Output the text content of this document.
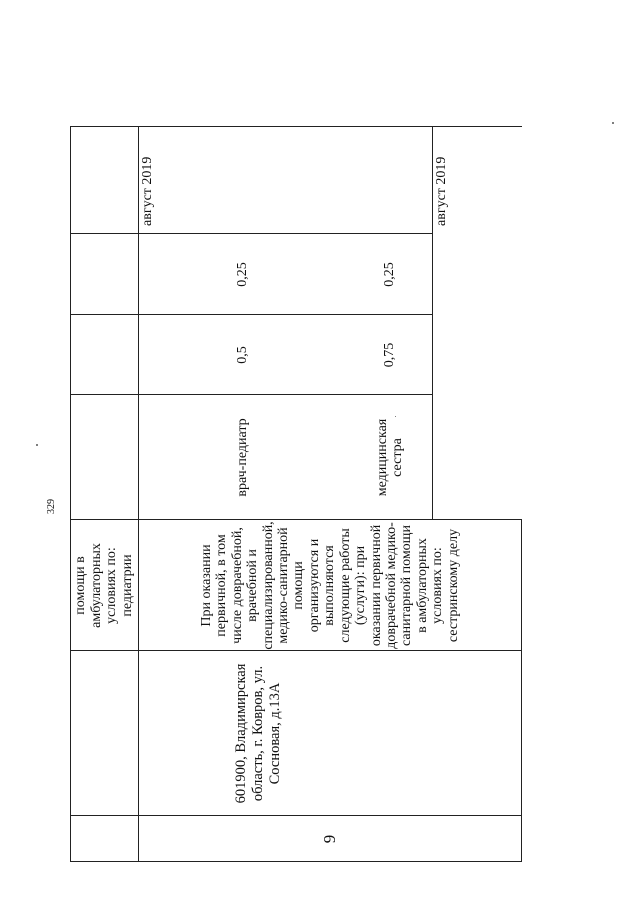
329
9
601900, Владимирская область, г. Ковров, ул. Сосновая, д.13А
помощи в амбулаторных условиях по: педиатрии	При оказании первичной, в том числе доврачебной, врачебной и специализированной, медико-санитарной помощи организуются и выполняются следующие работы (услуги): при оказании первичной доврачебной медико-санитарной помощи в амбулаторных условиях по: сестринскому делу
врач-педиатр
0,5
0,25
август 2019
медицинская сестра
0,75
0,25
август 2019
